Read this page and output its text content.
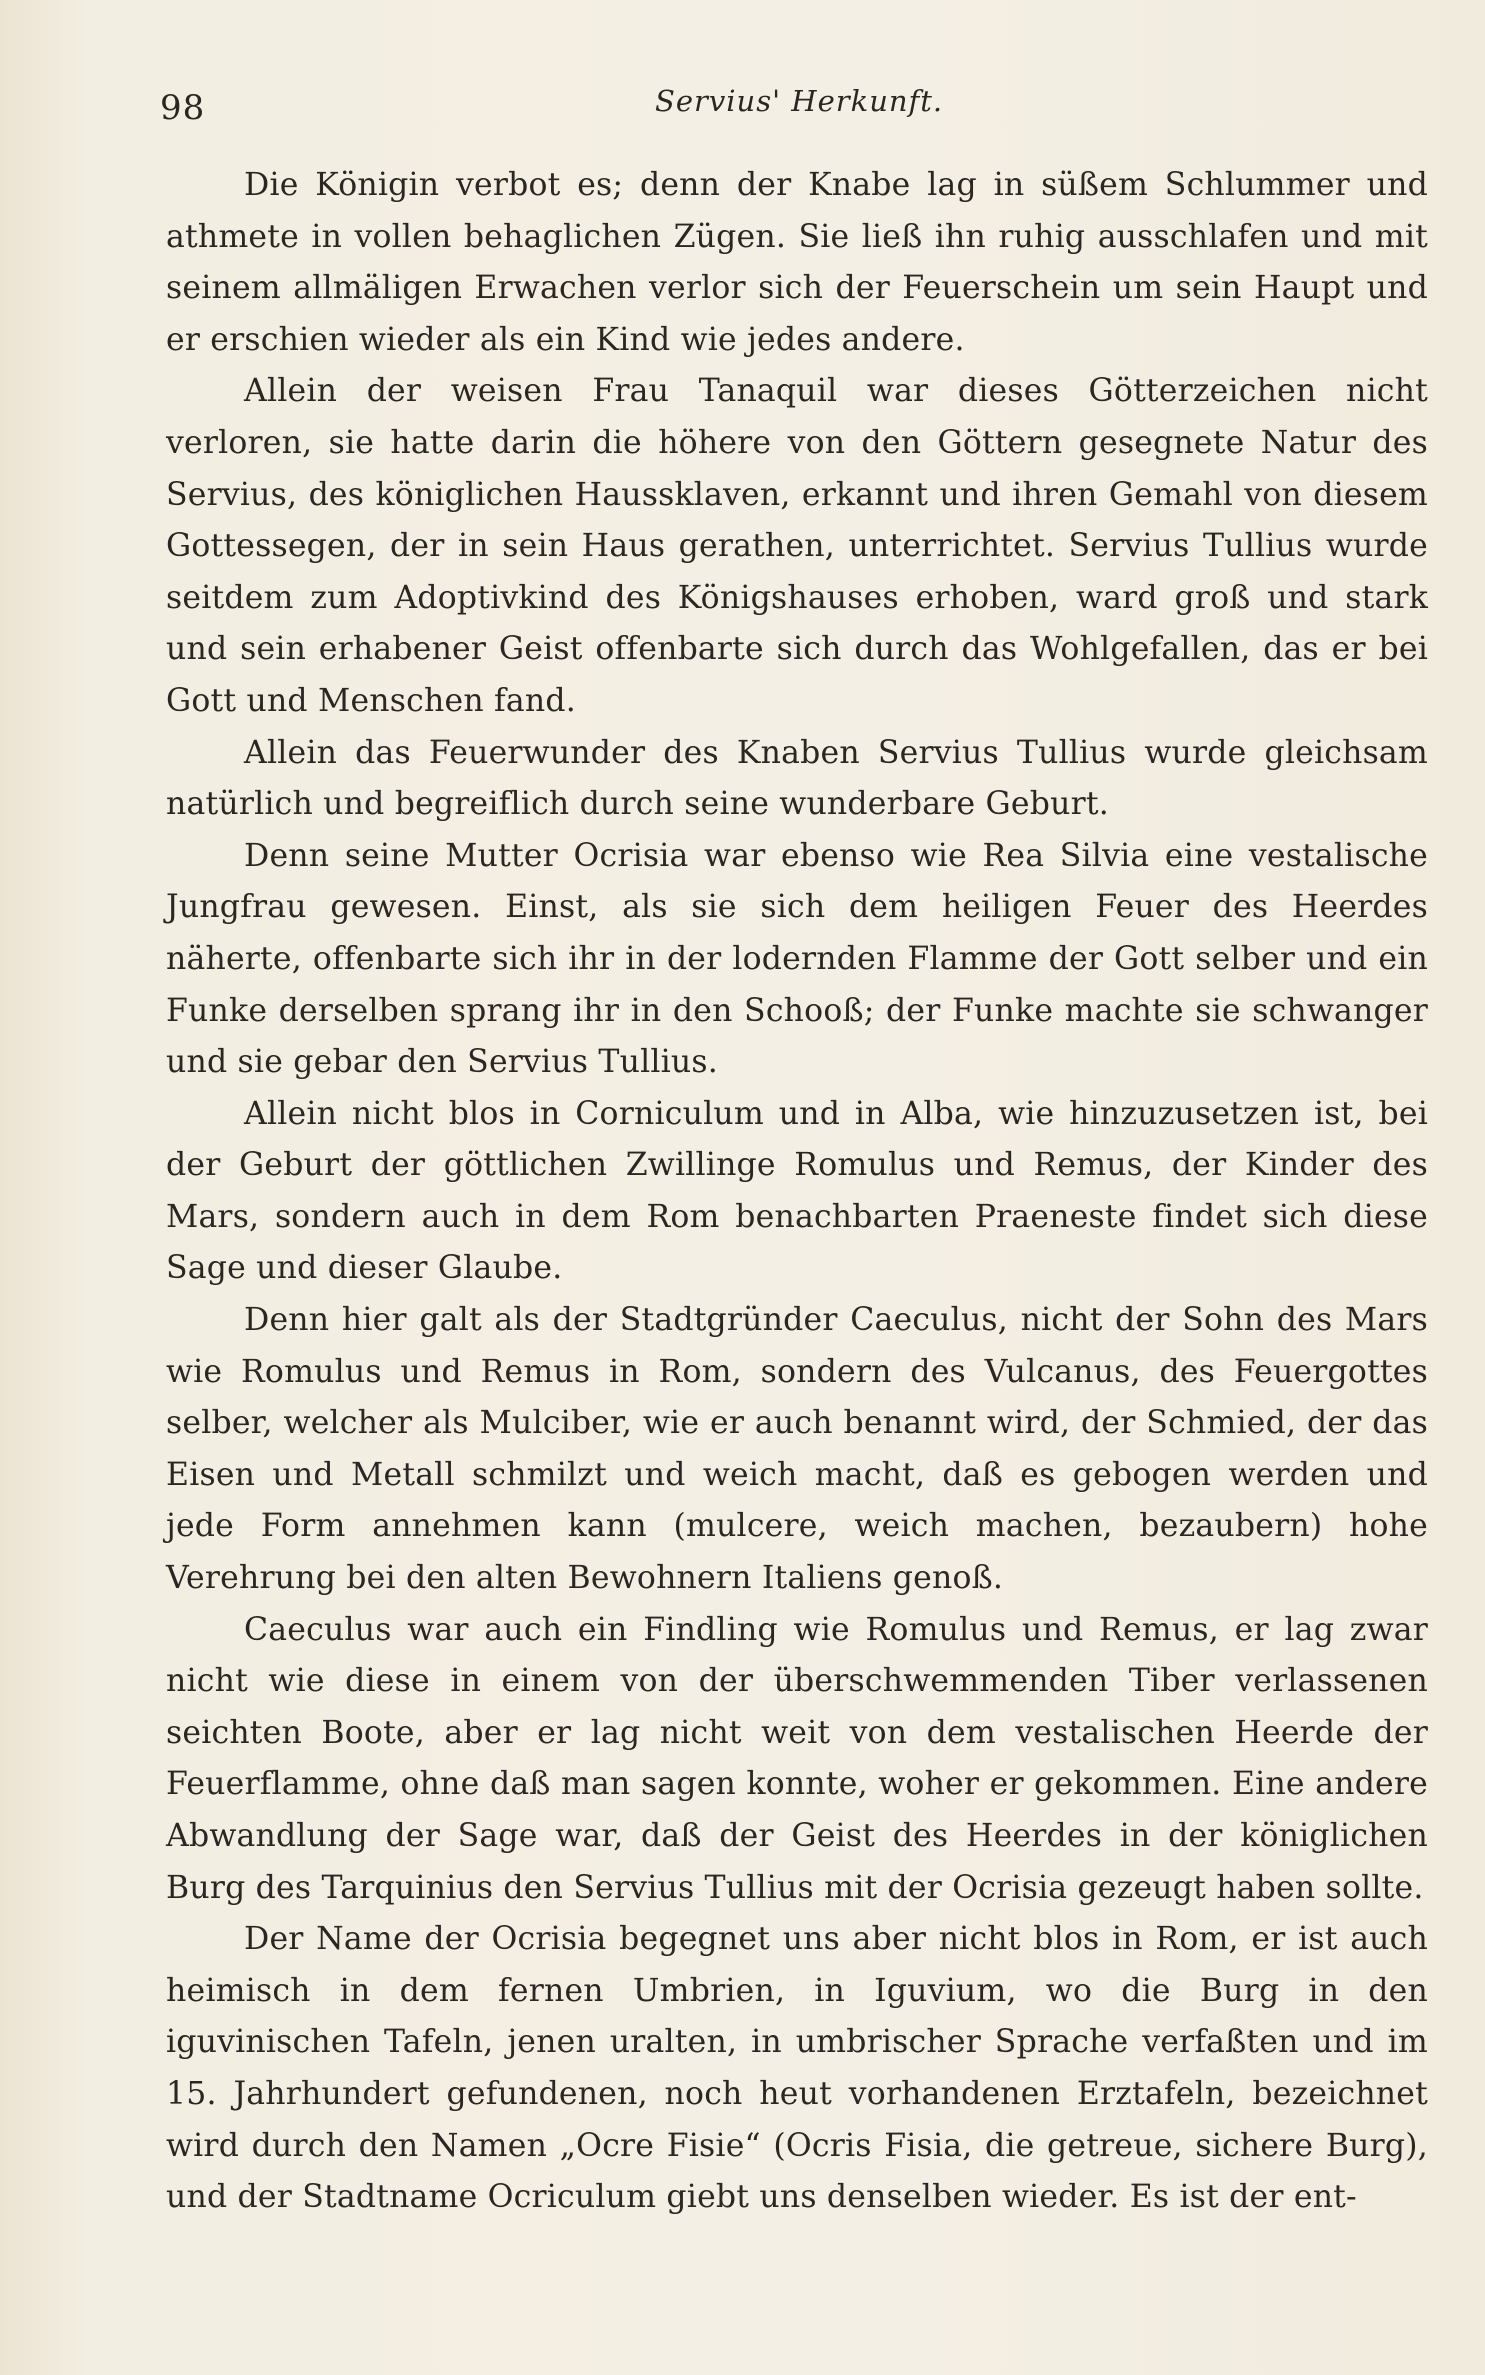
98	Servius' Herkunft.

Die Königin verbot es; denn der Knabe lag in süßem Schlummer und athmete in vollen behaglichen Zügen. Sie ließ ihn ruhig ausschlafen und mit seinem allmäligen Erwachen verlor sich der Feuerschein um sein Haupt und er erschien wieder als ein Kind wie jedes andere.

Allein der weisen Frau Tanaquil war dieses Götterzeichen nicht verloren, sie hatte darin die höhere von den Göttern gesegnete Natur des Servius, des königlichen Haussklaven, erkannt und ihren Gemahl von diesem Gottessegen, der in sein Haus gerathen, unterrichtet. Servius Tullius wurde seitdem zum Adoptivkind des Königshauses erhoben, ward groß und stark und sein erhabener Geist offenbarte sich durch das Wohlgefallen, das er bei Gott und Menschen fand.

Allein das Feuerwunder des Knaben Servius Tullius wurde gleichsam natürlich und begreiflich durch seine wunderbare Geburt.

Denn seine Mutter Ocrisia war ebenso wie Rea Silvia eine vestalische Jungfrau gewesen. Einst, als sie sich dem heiligen Feuer des Heerdes näherte, offenbarte sich ihr in der lodernden Flamme der Gott selber und ein Funke derselben sprang ihr in den Schooß; der Funke machte sie schwanger und sie gebar den Servius Tullius.

Allein nicht blos in Corniculum und in Alba, wie hinzuzusetzen ist, bei der Geburt der göttlichen Zwillinge Romulus und Remus, der Kinder des Mars, sondern auch in dem Rom benachbarten Praeneste findet sich diese Sage und dieser Glaube.

Denn hier galt als der Stadtgründer Caeculus, nicht der Sohn des Mars wie Romulus und Remus in Rom, sondern des Vulcanus, des Feuergottes selber, welcher als Mulciber, wie er auch benannt wird, der Schmied, der das Eisen und Metall schmilzt und weich macht, daß es gebogen werden und jede Form annehmen kann (mulcere, weich machen, bezaubern) hohe Verehrung bei den alten Bewohnern Italiens genoß.

Caeculus war auch ein Findling wie Romulus und Remus, er lag zwar nicht wie diese in einem von der überschwemmenden Tiber verlassenen seichten Boote, aber er lag nicht weit von dem vestalischen Heerde der Feuerflamme, ohne daß man sagen konnte, woher er gekommen. Eine andere Abwandlung der Sage war, daß der Geist des Heerdes in der königlichen Burg des Tarquinius den Servius Tullius mit der Ocrisia gezeugt haben sollte.

Der Name der Ocrisia begegnet uns aber nicht blos in Rom, er ist auch heimisch in dem fernen Umbrien, in Iguvium, wo die Burg in den iguvinischen Tafeln, jenen uralten, in umbrischer Sprache verfaßten und im 15. Jahrhundert gefundenen, noch heut vorhandenen Erztafeln, bezeichnet wird durch den Namen „Ocre Fisie“ (Ocris Fisia, die getreue, sichere Burg), und der Stadtname Ocriculum giebt uns denselben wieder. Es ist der ent-
